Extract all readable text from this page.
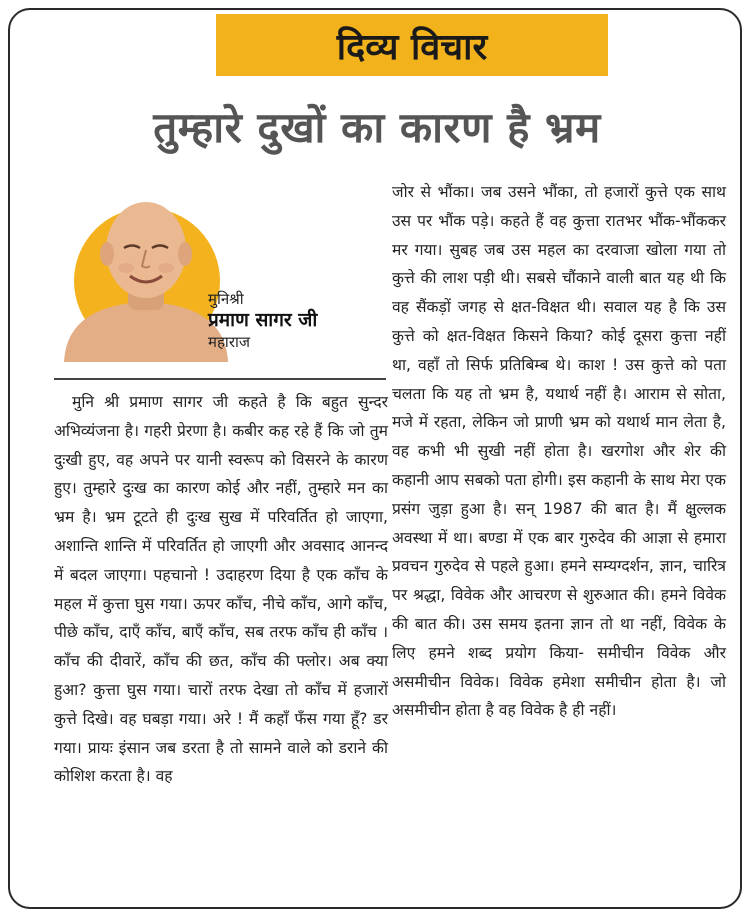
दिव्य विचार
तुम्हारे दुखों का कारण है भ्रम
मुनिश्री
प्रमाण सागर जी
महाराज
मुनि श्री प्रमाण सागर जी कहते है कि बहुत सुन्दर अभिव्यंजना है। गहरी प्रेरणा है। कबीर कह रहे हैं कि जो तुम दुःखी हुए, वह अपने पर यानी स्वरूप को विसरने के कारण हुए। तुम्हारे दुःख का कारण कोई और नहीं, तुम्हारे मन का भ्रम है। भ्रम टूटते ही दुःख सुख में परिवर्तित हो जाएगा, अशान्ति शान्ति में परिवर्तित हो जाएगी और अवसाद आनन्द में बदल जाएगा। पहचानो ! उदाहरण दिया है एक काँच के महल में कुत्ता घुस गया। ऊपर काँच, नीचे काँच, आगे काँच, पीछे काँच, दाएँ काँच, बाएँ काँच, सब तरफ काँच ही काँच । काँच की दीवारें, काँच की छत, काँच की फ्लोर। अब क्या हुआ? कुत्ता घुस गया। चारों तरफ देखा तो काँच में हजारों कुत्ते दिखे। वह घबड़ा गया। अरे ! मैं कहाँ फँस गया हूँ? डर गया। प्रायः इंसान जब डरता है तो सामने वाले को डराने की कोशिश करता है। वह
जोर से भौंका। जब उसने भौंका, तो हजारों कुत्ते एक साथ उस पर भौंक पड़े। कहते हैं वह कुत्ता रातभर भौंक-भौंककर मर गया। सुबह जब उस महल का दरवाजा खोला गया तो कुत्ते की लाश पड़ी थी। सबसे चौंकाने वाली बात यह थी कि वह सैंकड़ों जगह से क्षत-विक्षत थी। सवाल यह है कि उस कुत्ते को क्षत-विक्षत किसने किया? कोई दूसरा कुत्ता नहीं था, वहाँ तो सिर्फ प्रतिबिम्ब थे। काश ! उस कुत्ते को पता चलता कि यह तो भ्रम है, यथार्थ नहीं है। आराम से सोता, मजे में रहता, लेकिन जो प्राणी भ्रम को यथार्थ मान लेता है, वह कभी भी सुखी नहीं होता है। खरगोश और शेर की कहानी आप सबको पता होगी। इस कहानी के साथ मेरा एक प्रसंग जुड़ा हुआ है। सन् 1987 की बात है। मैं क्षुल्लक अवस्था में था। बण्डा में एक बार गुरुदेव की आज्ञा से हमारा प्रवचन गुरुदेव से पहले हुआ। हमने सम्यग्दर्शन, ज्ञान, चारित्र पर श्रद्धा, विवेक और आचरण से शुरुआत की। हमने विवेक की बात की। उस समय इतना ज्ञान तो था नहीं, विवेक के लिए हमने शब्द प्रयोग किया- समीचीन विवेक और असमीचीन विवेक। विवेक हमेशा समीचीन होता है। जो असमीचीन होता है वह विवेक है ही नहीं।
